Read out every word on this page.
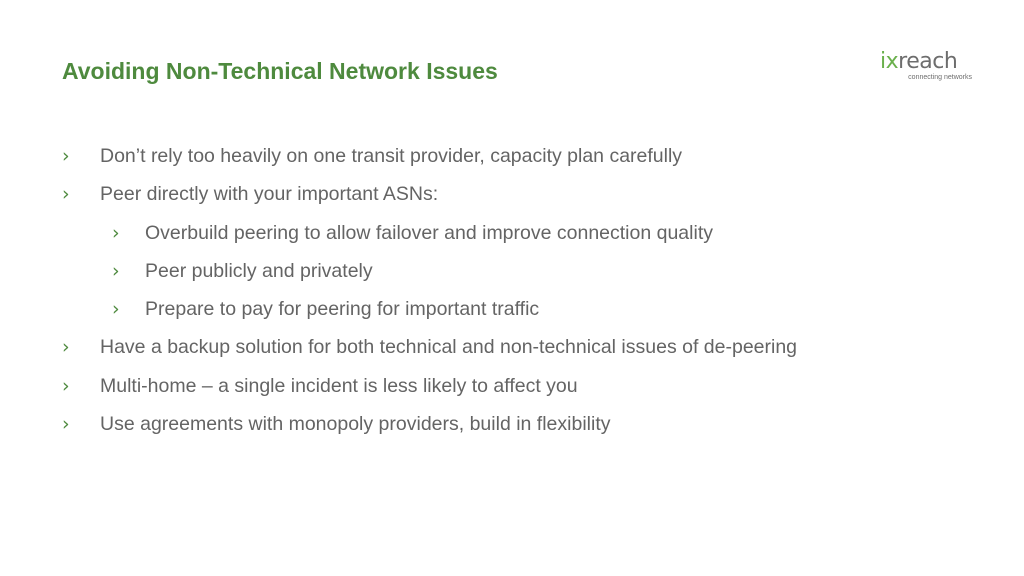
Avoiding Non-Technical Network Issues	ixreach
connecting networks
› Don’t rely too heavily on one transit provider, capacity plan carefully
› Peer directly with your important ASNs:
› Overbuild peering to allow failover and improve connection quality
› Peer publicly and privately
› Prepare to pay for peering for important traffic
› Have a backup solution for both technical and non-technical issues of de-peering
› Multi-home – a single incident is less likely to affect you
› Use agreements with monopoly providers, build in flexibility
